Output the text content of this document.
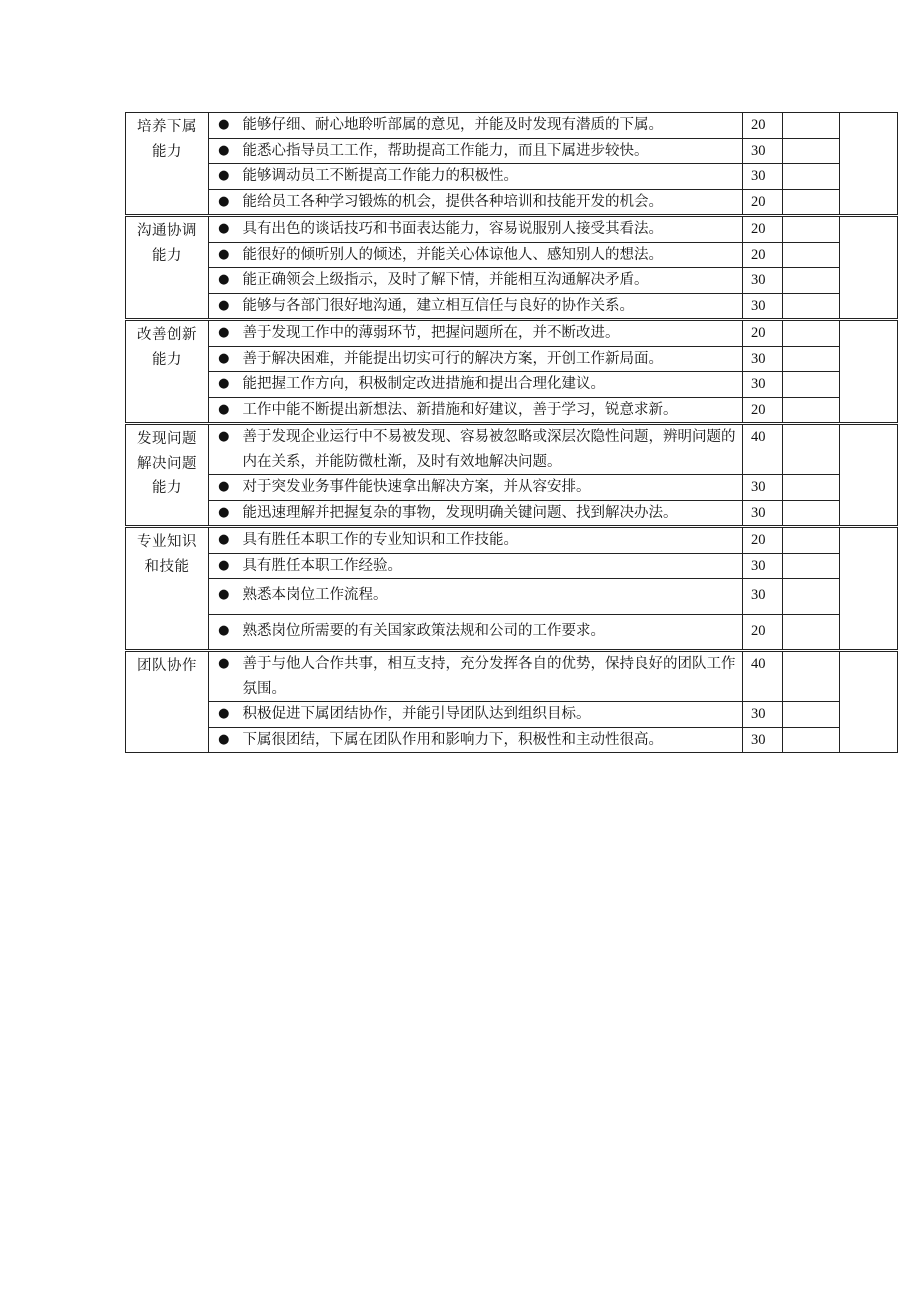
培养下属
能力	●	能够仔细、耐心地聆听部属的意见，并能及时发现有潜质的下属。	20		
	●	能悉心指导员工工作，帮助提高工作能力，而且下属进步较快。	30		
	●	能够调动员工不断提高工作能力的积极性。	30		
	●	能给员工各种学习锻炼的机会，提供各种培训和技能开发的机会。	20		

沟通协调
能力	●	具有出色的谈话技巧和书面表达能力，容易说服别人接受其看法。	20		
	●	能很好的倾听别人的倾述，并能关心体谅他人、感知别人的想法。	20		
	●	能正确领会上级指示，及时了解下情，并能相互沟通解决矛盾。	30		
	●	能够与各部门很好地沟通，建立相互信任与良好的协作关系。	30		

改善创新
能力	●	善于发现工作中的薄弱环节，把握问题所在，并不断改进。	20		
	●	善于解决困难，并能提出切实可行的解决方案，开创工作新局面。	30		
	●	能把握工作方向，积极制定改进措施和提出合理化建议。	30		
	●	工作中能不断提出新想法、新措施和好建议，善于学习，锐意求新。	20		

发现问题
解决问题
能力	●	善于发现企业运行中不易被发现、容易被忽略或深层次隐性问题，辨明问题的内在关系，并能防微杜渐，及时有效地解决问题。	40		
	●	对于突发业务事件能快速拿出解决方案，并从容安排。	30		
	●	能迅速理解并把握复杂的事物，发现明确关键问题、找到解决办法。	30		

专业知识
和技能	●	具有胜任本职工作的专业知识和工作技能。	20		
	●	具有胜任本职工作经验。	30		
	●	熟悉本岗位工作流程。	30		
	●	熟悉岗位所需要的有关国家政策法规和公司的工作要求。	20		

团队协作	●	善于与他人合作共事，相互支持，充分发挥各自的优势，保持良好的团队工作氛围。	40		
	●	积极促进下属团结协作，并能引导团队达到组织目标。	30		
	●	下属很团结，下属在团队作用和影响力下，积极性和主动性很高。	30		
